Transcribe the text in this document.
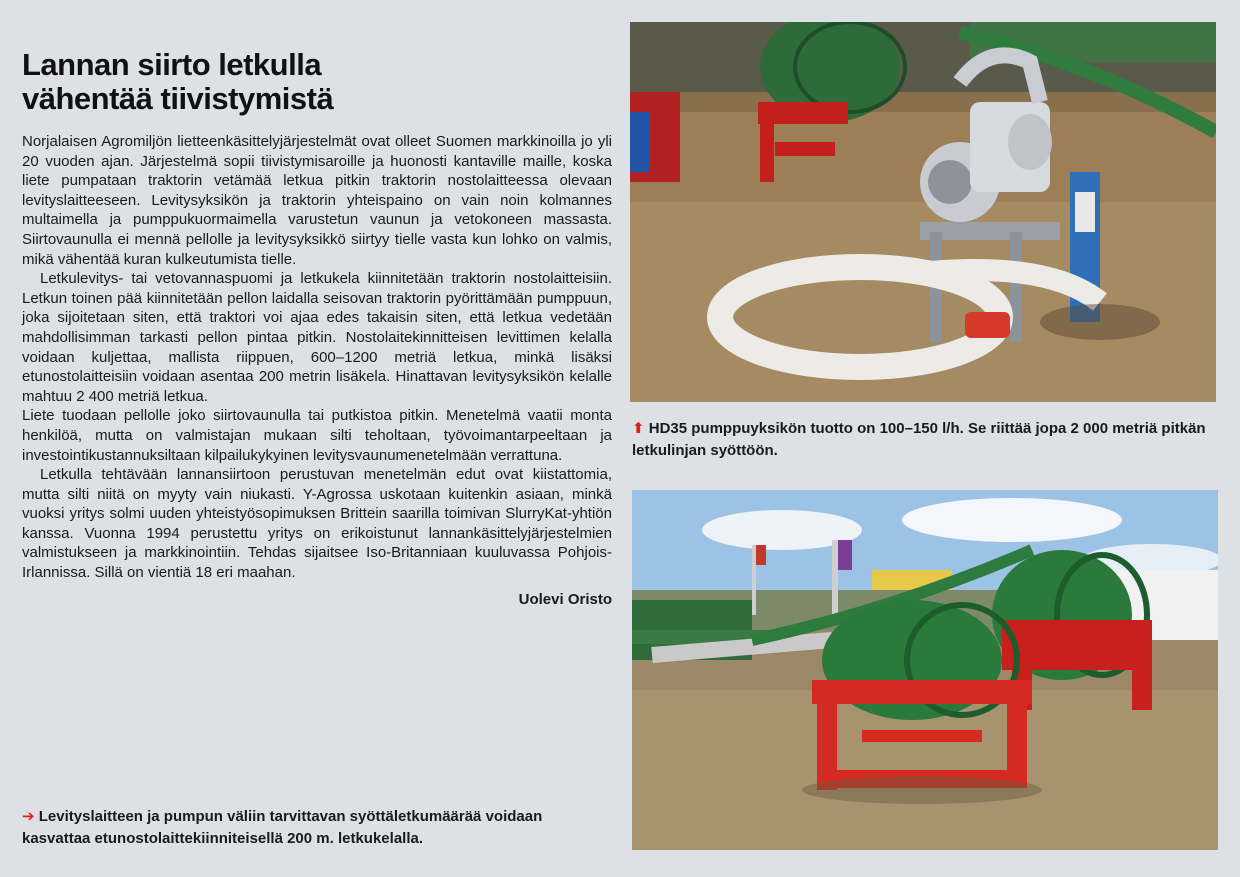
Lannan siirto letkulla
vähentää tiivistymistä

Norjalaisen Agromiljön lietteenkäsittelyjärjestelmät ovat olleet Suomen markkinoilla jo yli 20 vuoden ajan. Järjestelmä sopii tiivistymisaroille ja huonosti kantaville maille, koska liete pumpataan traktorin vetämää letkua pitkin traktorin nostolaitteessa olevaan levityslaitteeseen. Levitysyksikön ja traktorin yhteispaino on vain noin kolmannes multaimella ja pumppukuormaimella varustetun vaunun ja vetokoneen massasta. Siirtovaunulla ei mennä pellolle ja levitysyksikkö siirtyy tielle vasta kun lohko on valmis, mikä vähentää kuran kulkeutumista tielle.

Letkulevitys- tai vetovannaspuomi ja letkukela kiinnitetään traktorin nostolaitteisiin. Letkun toinen pää kiinnitetään pellon laidalla seisovan traktorin pyörittämään pumppuun, joka sijoitetaan siten, että traktori voi ajaa edes takaisin siten, että letkua vedetään mahdollisimman tarkasti pellon pintaa pitkin. Nostolaitekinnitteisen levittimen kelalla voidaan kuljettaa, mallista riippuen, 600–1200 metriä letkua, minkä lisäksi etunostolaitteisiin voidaan asentaa 200 metrin lisäkela. Hinattavan levitysyksikön kelalle mahtuu 2 400 metriä letkua.

Liete tuodaan pellolle joko siirtovaunulla tai putkistoa pitkin. Menetelmä vaatii monta henkilöä, mutta on valmistajan mukaan silti teholtaan, työvoimantarpeeltaan ja investointikustannuksiltaan kilpailukykyinen levitysvaunumenetelmään verrattuna.

Letkulla tehtävään lannansiirtoon perustuvan menetelmän edut ovat kiistattomia, mutta silti niitä on myyty vain niukasti. Y-Agrossa uskotaan kuitenkin asiaan, minkä vuoksi yritys solmi uuden yhteistyösopimuksen Brittein saarilla toimivan SlurryKat-yhtiön kanssa. Vuonna 1994 perustettu yritys on erikoistunut lannankäsittelyjärjestelmien valmistukseen ja markkinointiin. Tehdas sijaitsee Iso-Britanniaan kuuluvassa Pohjois-Irlannissa. Sillä on vientiä 18 eri maahan.

Uolevi Oristo
➔ Levityslaitteen ja pumpun väliin tarvittavan syöttäletkumäärää voidaan kasvattaa etunostolaittekiinniteisellä 200 m. letkukelalla.
⬆ HD35 pumppuyksikön tuotto on 100–150 l/h. Se riittää jopa 2 000 metriä pitkän letkulinjan syöttöön.
